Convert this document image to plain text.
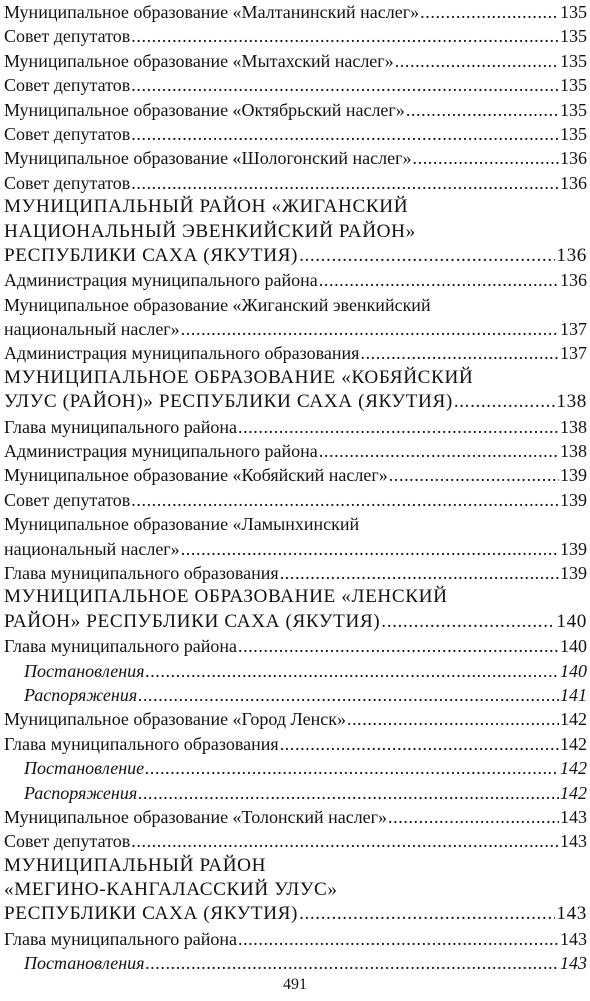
Муниципальное образование «Малтанинский наслег» .....	135
Совет депутатов .....	135
Муниципальное образование «Мытахский наслег» .....	135
Совет депутатов .....	135
Муниципальное образование «Октябрьский наслег» .....	135
Совет депутатов .....	135
Муниципальное образование «Шологонский наслег» .....	136
Совет депутатов .....	136
МУНИЦИПАЛЬНЫЙ РАЙОН «ЖИГАНСКИЙ
НАЦИОНАЛЬНЫЙ ЭВЕНКИЙСКИЙ РАЙОН»
РЕСПУБЛИКИ САХА (ЯКУТИЯ) .....	136
Администрация муниципального района .....	136
Муниципальное образование «Жиганский эвенкийский
национальный наслег» .....	137
Администрация муниципального образования .....	137
МУНИЦИПАЛЬНОЕ ОБРАЗОВАНИЕ «КОБЯЙСКИЙ
УЛУС (РАЙОН)» РЕСПУБЛИКИ САХА (ЯКУТИЯ) .....	138
Глава муниципального района .....	138
Администрация муниципального района .....	138
Муниципальное образование «Кобяйский наслег» .....	139
Совет депутатов .....	139
Муниципальное образование «Ламынхинский
национальный наслег» .....	139
Глава муниципального образования .....	139
МУНИЦИПАЛЬНОЕ ОБРАЗОВАНИЕ «ЛЕНСКИЙ
РАЙОН» РЕСПУБЛИКИ САХА (ЯКУТИЯ) .....	140
Глава муниципального района .....	140
Постановления .....	140
Распоряжения .....	141
Муниципальное образование «Город Ленск» .....	142
Глава муниципального образования .....	142
Постановление .....	142
Распоряжения .....	142
Муниципальное образование «Толонский наслег» .....	143
Совет депутатов .....	143
МУНИЦИПАЛЬНЫЙ РАЙОН
«МЕГИНО-КАНГАЛАССКИЙ УЛУС»
РЕСПУБЛИКИ САХА (ЯКУТИЯ) .....	143
Глава муниципального района .....	143
Постановления .....	143
491
